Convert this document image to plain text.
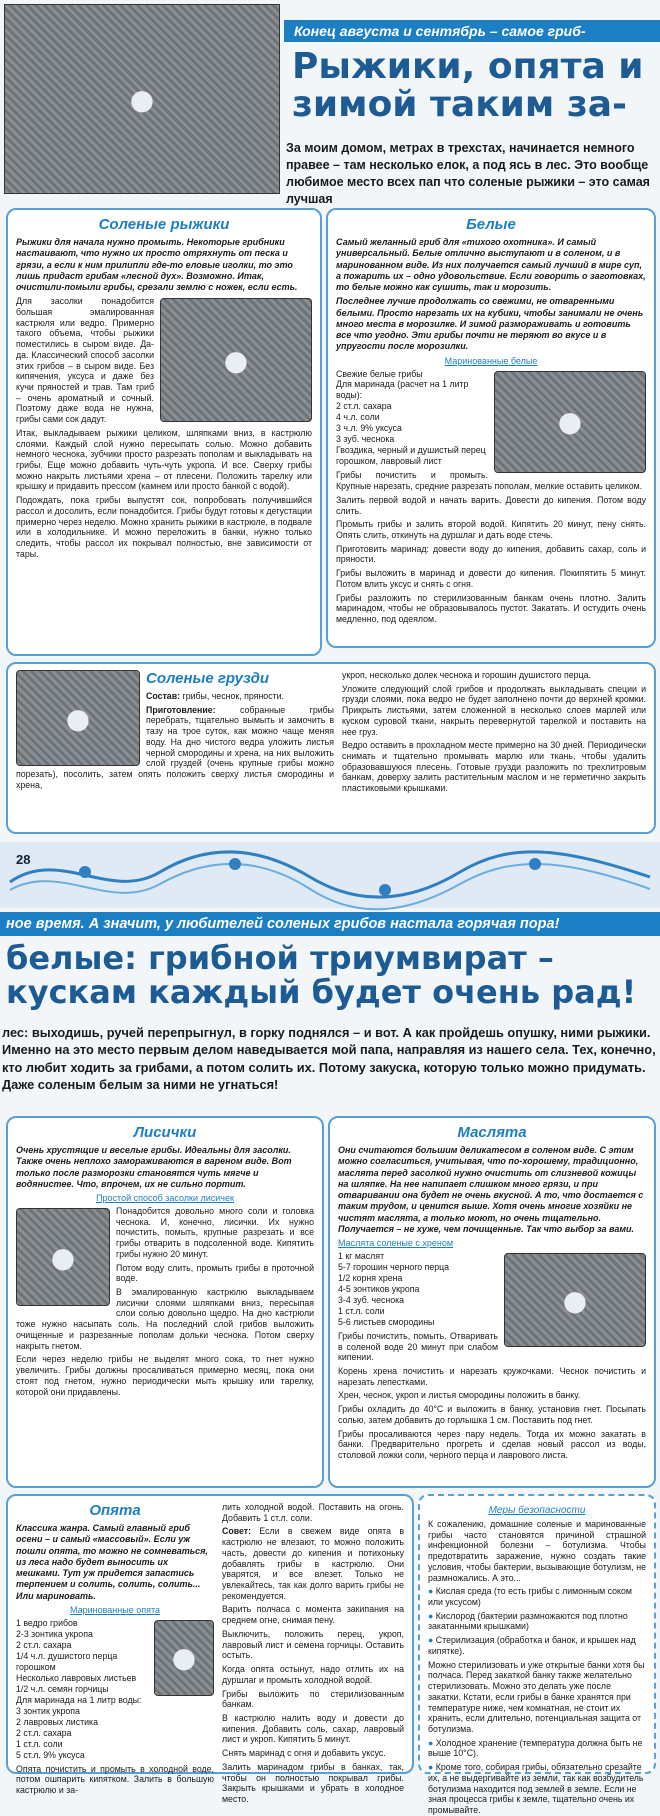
●
Конец августа и сентябрь – самое гриб-
Рыжики, опята и
зимой таким за-
За моим домом, метрах в трехстах, начинается немного правее – там несколько елок, а под ясь в лес. Это вообще любимое место всех пап что соленые рыжики – это самая лучшая
Соленые рыжики

Рыжики для начала нужно промыть. Некоторые грибники настаивают, что нужно их просто отряхнуть от песка и грязи, а если к ним прилипли где-то еловые иголки, то это лишь придаст грибам «лесной дух». Возможно. Итак, очистили-помыли грибы, срезали землю с ножек, если есть.

●

Для засолки понадобится большая эмалированная кастрюля или ведро. Примерно такого объема, чтобы рыжики поместились в сыром виде. Да-да. Классический способ засолки этих грибов – в сыром виде. Без кипячения, уксуса и даже без кучи пряностей и трав. Там гриб – очень ароматный и сочный. Поэтому даже вода не нужна, грибы сами сок дадут.

Итак, выкладываем рыжики целиком, шляпками вниз, в кастрюлю слоями. Каждый слой нужно пересыпать солью. Можно добавить немного чеснока, зубчики просто разрезать пополам и выкладывать на грибы. Еще можно добавить чуть-чуть укропа. И все. Сверху грибы можно накрыть листьями хрена – от плесени. Положить тарелку или крышку и придавить прессом (камнем или просто банкой с водой).

Подождать, пока грибы выпустят сок, попробовать получившийся рассол и досолить, если понадобится. Грибы будут готовы к дегустации примерно через неделю. Можно хранить рыжики в кастрюле, в подвале или в холодильнике. И можно переложить в банки, нужно только следить, чтобы рассол их покрывал полностью, вне зависимости от тары.

Белые

Самый желанный гриб для «тихого охотника». И самый универсальный. Белые отлично выступают и в соленом, и в маринованном виде. Из них получается самый лучший в мире суп, а пожарить их – одно удовольствие. Если говорить о заготовках, то белые можно как сушить, так и морозить.

Последнее лучше продолжать со свежими, не отваренными белыми. Просто нарезать их на кубики, чтобы занимали не очень много места в морозилке. И зимой размораживать и готовить все что угодно. Эти грибы почти не теряют во вкусе и в упругости после морозилки.

Маринованные белые
●
Свежие белые грибы
Для маринада (расчет на 1 литр воды):
2 ст.л. сахара
4 ч.л. соли
3 ч.л. 9% уксуса
3 зуб. чеснока
Гвоздика, черный и душистый перец горошком, лавровый лист

Грибы почистить и промыть. Крупные нарезать, средние разрезать пополам, мелкие оставить целиком.

Залить первой водой и начать варить. Довести до кипения. Потом воду слить.

Промыть грибы и залить второй водой. Кипятить 20 минут, пену снять. Опять слить, откинуть на дуршлаг и дать воде стечь.

Приготовить маринад: довести воду до кипения, добавить сахар, соль и пряности.

Грибы выложить в маринад и довести до кипения. Покипятить 5 минут. Потом влить уксус и снять с огня.

Грибы разложить по стерилизованным банкам очень плотно. Залить маринадом, чтобы не образовывалось пустот. Закатать. И остудить очень медленно, под одеялом.

●
Соленые грузди

Состав: грибы, чеснок, пряности.

Приготовление:	собранные грибы перебрать, тщательно вымыть и замочить в тазу на трое суток, как можно чаще меняя воду. На дно чистого ведра уложить листья черной смородины и хрена, на них выложить слой груздей (очень крупные грибы можно порезать), посолить, затем опять положить сверху листья смородины и хрена,

укроп, несколько долек чеснока и горошин душистого перца.

Уложите следующий слой грибов и продолжать выкладывать специи и грузди слоями, пока ведро не будет заполнено почти до верхней кромки. Прикрыть листьями, затем сложенной в несколько слоев марлей или куском суровой ткани, накрыть перевернутой тарелкой и поставить на нее груз.

Ведро оставить в прохладном месте примерно на 30 дней. Периодически снимать и тщательно промывать марлю или ткань, чтобы удалить образовавшуюся плесень. Готовые грузди разложить по трехлитровым банкам, доверху залить растительным маслом и не герметично закрыть пластиковыми крышками.

28
ное время. А значит, у любителей соленых грибов настала горячая пора!
белые: грибной триумвират –
кускам каждый будет очень рад!
лес: выходишь, ручей перепрыгнул, в горку поднялся – и вот. А как пройдешь опушку, ними рыжики. Именно на это место первым делом наведывается мой папа, направляя из нашего села. Тех, конечно, кто любит ходить за грибами, а потом солить их. Потому закуска, которую только можно придумать. Даже соленым белым за ними не угнаться!
Лисички

Очень хрустящие и веселые грибы. Идеальны для засолки. Также очень неплохо замораживаются в вареном виде. Вот только после разморозки становятся чуть мягче и водянистее. Что, впрочем, их не сильно портит.

Простой способ засолки лисичек
●

Понадобится довольно много соли и головка чеснока. И, конечно, лисички. Их нужно почистить, помыть, крупные разрезать и все грибы отварить в подсоленной воде. Кипятить грибы нужно 20 минут.

Потом воду слить, промыть грибы в проточной воде.

В эмалированную кастрюлю выкладываем лисички слоями шляпками вниз, пересыпая слои солью довольно щедро. На дно кастрюли тоже нужно насыпать соль. На последний слой грибов выложить очищенные и разрезанные пополам дольки чеснока. Потом сверху накрыть гнетом.

Если через неделю грибы не выделят много сока, то гнет нужно увеличить. Грибы должны просаливаться примерно месяц, пока они стоят под гнетом, нужно периодически мыть крышку или тарелку, которой они придавлены.

Маслята

Они считаются большим деликатесом в соленом виде. С этим можно согласиться, учитывая, что по-хорошему, традиционно, маслята перед засолкой нужно очистить от слизневой кожицы на шляпке. На нее напипает слишком много грязи, и при отваривании она будет не очень вкусной. А то, что достается с таким трудом, и ценится выше. Хотя очень многие хозяйки не чистят маслята, а только моют, но очень тщательно. Получается – не хуже, чем почищенные. Так что выбор за вами.

Маслята соленые с хреном
●
1 кг маслят
5-7 горошин черного перца
1/2 корня хрена
4-5 зонтиков укропа
3-4 зуб. чеснока
1 ст.л. соли
5-6 листьев смородины

Грибы почистить, помыть. Отваривать в соленой воде 20 минут при слабом кипении.

Корень хрена почистить и нарезать кружочками. Чеснок почистить и нарезать лепестками.

Хрен, чеснок, укроп и листья смородины положить в банку.

Грибы охладить до 40°С и выложить в банку, установив гнет. Посыпать солью, затем добавить до горлышка 1 см. Поставить под гнет.

Грибы просаливаются через пару недель. Тогда их можно закатать в банки. Предварительно прогреть и сделав новый рассол из воды, столовой ложки соли, черного перца и лаврового листа.

Опята

Классика жанра. Самый главный гриб осени – и самый «массовый». Если уж пошли опята, то можно не сомневаться, из леса надо будет выносить их мешками. Тут уж придется запастись терпением и солить, солить, солить... Или мариновать.

Маринованные опята
●
1 ведро грибов
2-3 зонтика укропа
2 ст.л. сахара
1/4 ч.л. душистого перца горошком
Несколько лавровых листьев
1/2 ч.л. семян горчицы
Для маринада на 1 литр воды:
3 зонтик укропа
2 лавровых листика
2 ст.л. сахара
1 ст.л. соли
5 ст.л. 9% уксуса

Опята почистить и промыть в холодной воде, потом ошпарить кипятком. Залить в большую кастрюлю и за-

лить холодной водой. Поставить на огонь. Добавить 1 ст.л. соли.

Совет: Если в свежем виде опята в кастрюлю не влезают, то можно положить часть, довести до кипения и потихоньку добавлять грибы в кастрюлю. Они уварятся, и все влезет. Только не увлекайтесь, так как долго варить грибы не рекомендуется.

Варить полчаса с момента закипания на среднем огне, снимая пену.

Выключить, положить перец, укроп, лавровый лист и семена горчицы. Оставить остыть.

Когда опята остынут, надо отлить их на дуршлаг и промыть холодной водой.

Грибы выложить по стерилизованным банкам.

В кастрюлю налить воду и довести до кипения. Добавить соль, сахар, лавровый лист и укроп. Кипятить 5 минут.

Снять маринад с огня и добавить уксус.

Залить маринадом грибы в банках, так, чтобы он полностью покрывал грибы. Закрыть крышками и убрать в холодное место.

Меры безопасности

К сожалению, домашние соленые и маринованные грибы часто становятся причиной страшной инфекционной болезни – ботулизма. Чтобы предотвратить заражение, нужно создать такие условия, чтобы бактерии, вызывающие ботулизм, не размножались. А это...

● Кислая среда (то есть грибы с лимонным соком или уксусом)

● Кислород (бактерии размножаются под плотно закатанными крышками)

● Стерилизация (обработка и банок, и крышек над кипятке).

Можно стерилизовать и уже открытые банки хотя бы полчаса. Перед закаткой банку также желательно стерилизовать. Можно это делать уже после закатки. Кстати, если грибы в банке хранятся при температуре ниже, чем комнатная, не стоит их хранить, если длительно, потенциальная защита от ботулизма.

● Холодное хранение (температура должна быть не выше 10°С).

● Кроме того, собирая грибы, обязательно срезайте их, а не выдергивайте из земли, так как возбудитель ботулизма находится под землей в земле. Если не зная процесса грибы к земле, тщательно очень их промывайте.
